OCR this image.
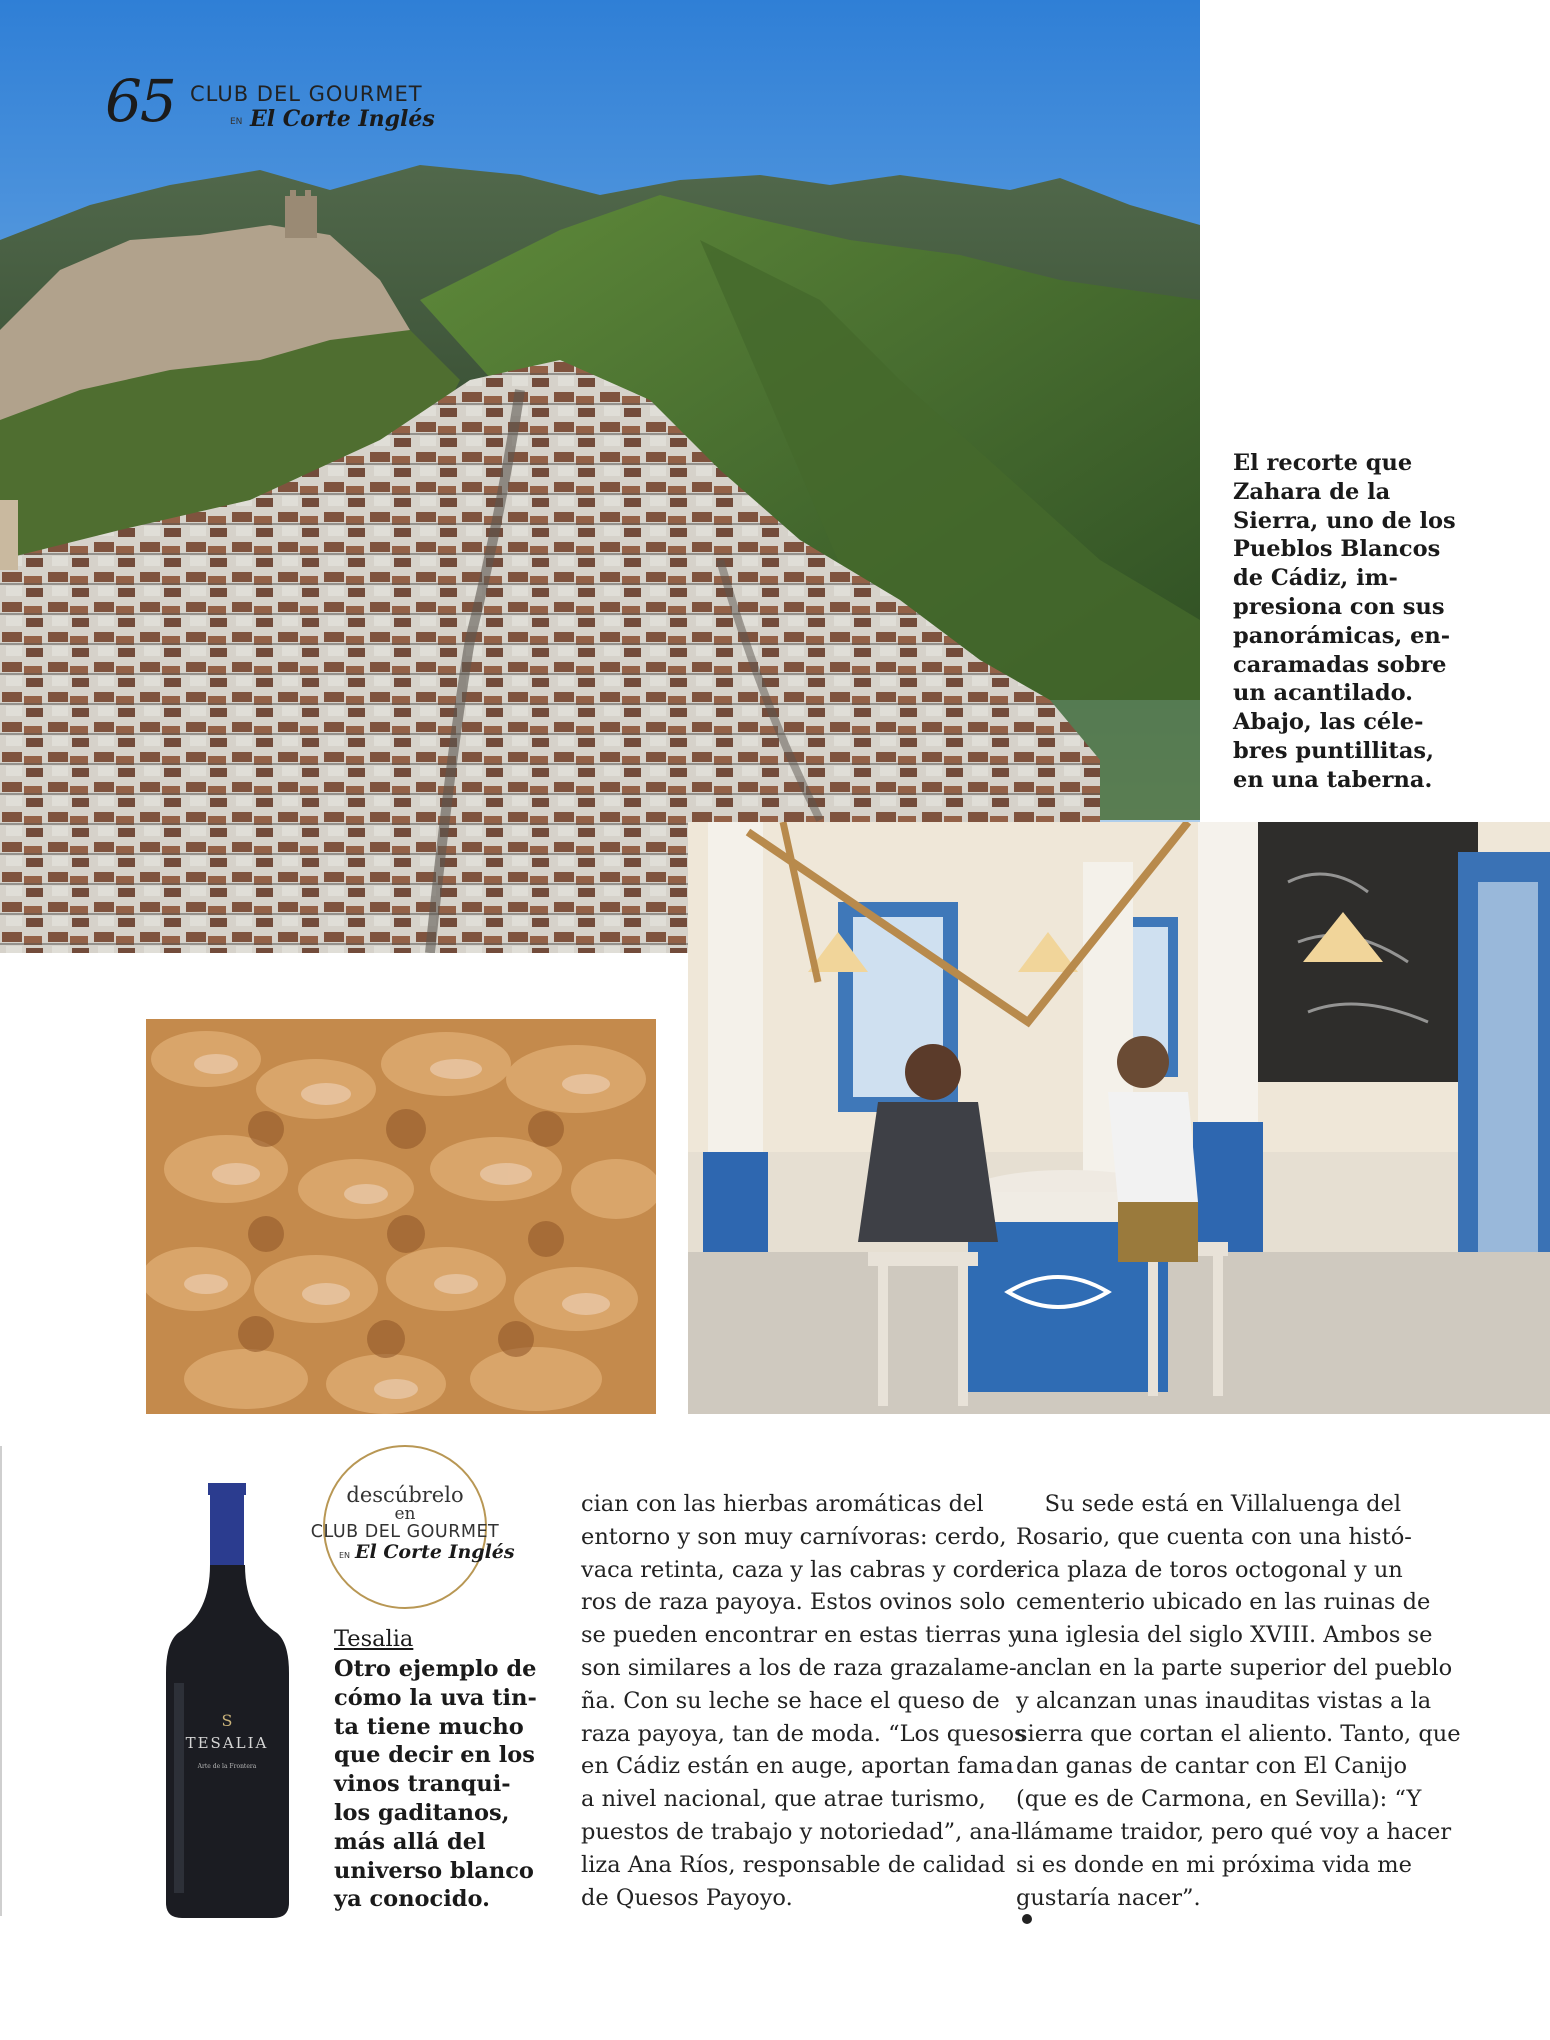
65 CLUB DEL GOURMET
EN El Corte Inglés
El recorte que
Zahara de la
Sierra, uno de los
Pueblos Blancos
de Cádiz, im-
presiona con sus
panorámicas, en-
caramadas sobre
un acantilado.
Abajo, las céle-
bres puntillitas,
en una taberna.
S
TESALIA
Arte de la Frontera
descúbrelo
en
CLUB DEL GOURMET
EN El Corte Inglés
Tesalia
Otro ejemplo de
cómo la uva tin-
ta tiene mucho
que decir en los
vinos tranqui-
los gaditanos,
más allá del
universo blanco
ya conocido.
cian con las hierbas aromáticas del
entorno y son muy carnívoras: cerdo,
vaca retinta, caza y las cabras y corde-
ros de raza payoya. Estos ovinos solo
se pueden encontrar en estas tierras y
son similares a los de raza grazalame-
ña. Con su leche se hace el queso de
raza payoya, tan de moda. “Los quesos
en Cádiz están en auge, aportan fama
a nivel nacional, que atrae turismo,
puestos de trabajo y notoriedad”, ana-
liza Ana Ríos, responsable de calidad
de Quesos Payoyo.
Su sede está en Villaluenga del
Rosario, que cuenta con una histó-
rica plaza de toros octogonal y un
cementerio ubicado en las ruinas de
una iglesia del siglo XVIII. Ambos se
anclan en la parte superior del pueblo
y alcanzan unas inauditas vistas a la
sierra que cortan el aliento. Tanto, que
dan ganas de cantar con El Canijo
(que es de Carmona, en Sevilla): “Y
llámame traidor, pero qué voy a hacer
si es donde en mi próxima vida me
gustaría nacer”.
